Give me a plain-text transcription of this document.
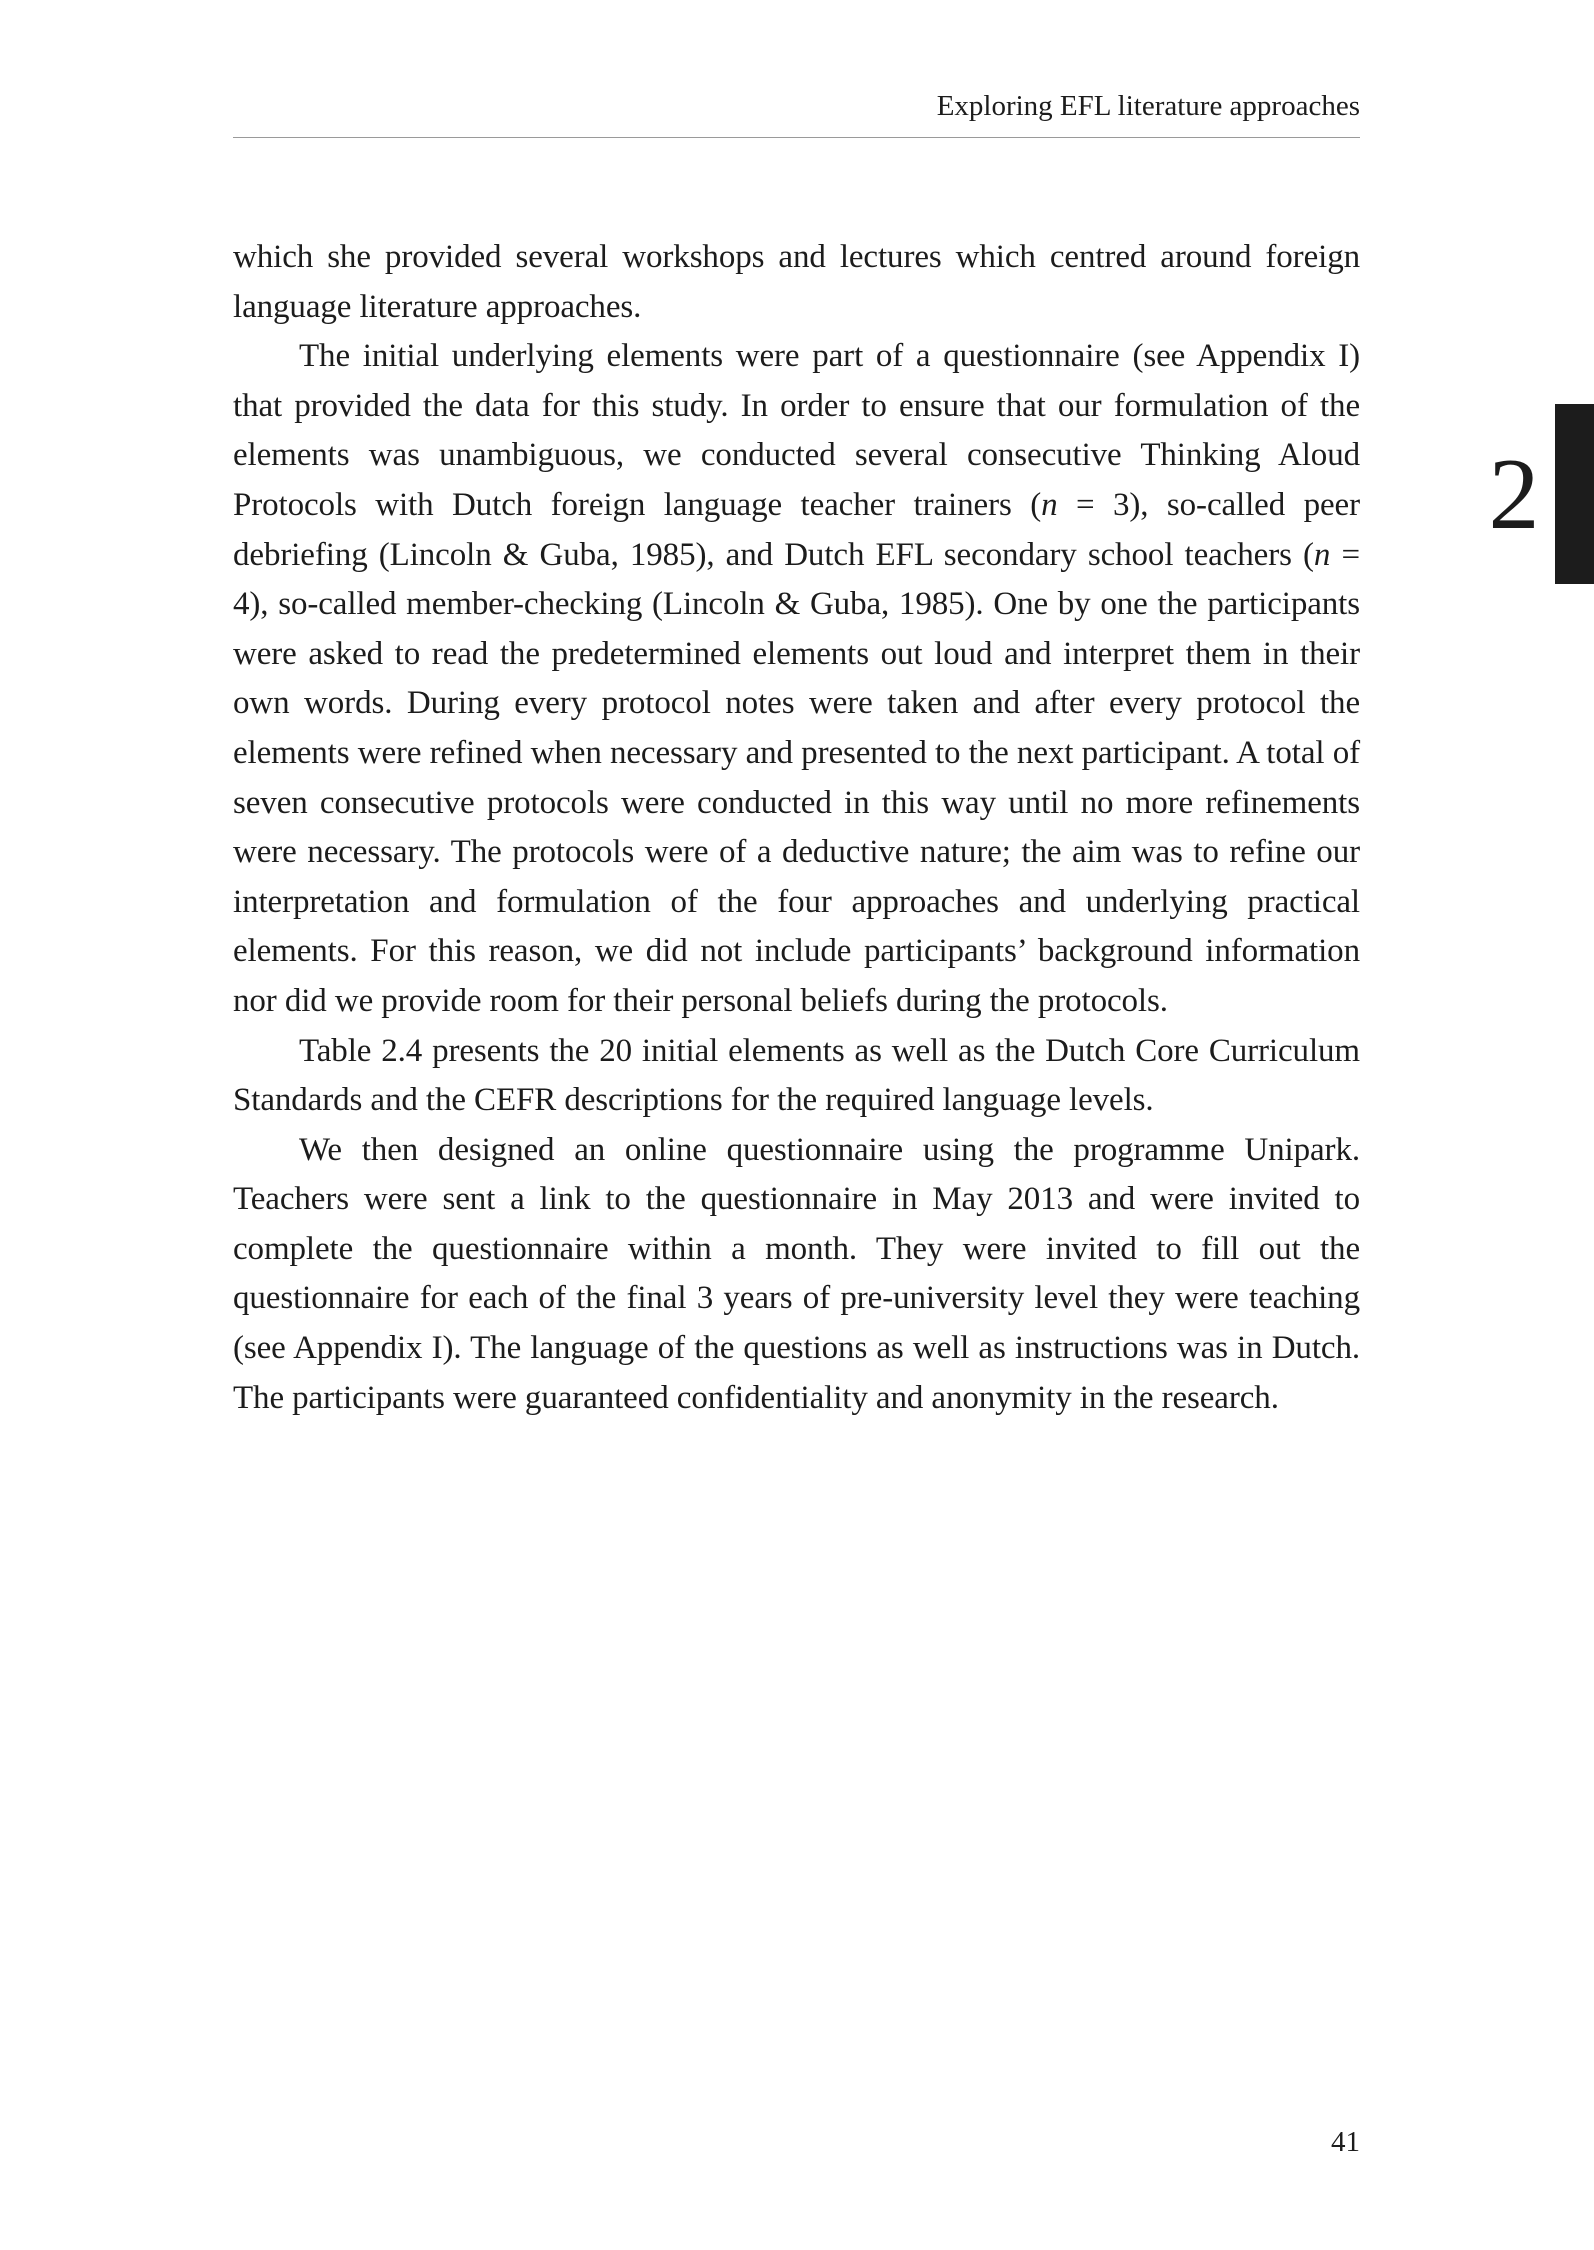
Exploring EFL literature approaches
2

which she provided several workshops and lectures which centred around foreign language literature approaches.

The initial underlying elements were part of a questionnaire (see Appendix I) that provided the data for this study. In order to ensure that our formulation of the elements was unambiguous, we conducted several consecutive Thinking Aloud Protocols with Dutch foreign language teacher trainers (n = 3), so-called peer debriefing (Lincoln & Guba, 1985), and Dutch EFL secondary school teachers (n = 4), so-called member-checking (Lincoln & Guba, 1985). One by one the participants were asked to read the predetermined elements out loud and interpret them in their own words. During every protocol notes were taken and after every protocol the elements were refined when necessary and presented to the next participant. A total of seven consecutive protocols were conducted in this way until no more refinements were necessary. The protocols were of a deductive nature; the aim was to refine our interpretation and formulation of the four approaches and underlying practical elements. For this reason, we did not include participants’ background information nor did we provide room for their personal beliefs during the protocols.

Table 2.4 presents the 20 initial elements as well as the Dutch Core Curriculum Standards and the CEFR descriptions for the required language levels.

We then designed an online questionnaire using the programme Unipark. Teachers were sent a link to the questionnaire in May 2013 and were invited to complete the questionnaire within a month. They were invited to fill out the questionnaire for each of the final 3 years of pre-university level they were teaching (see Appendix I). The language of the questions as well as instructions was in Dutch. The participants were guaranteed confidentiality and anonymity in the research.

41
